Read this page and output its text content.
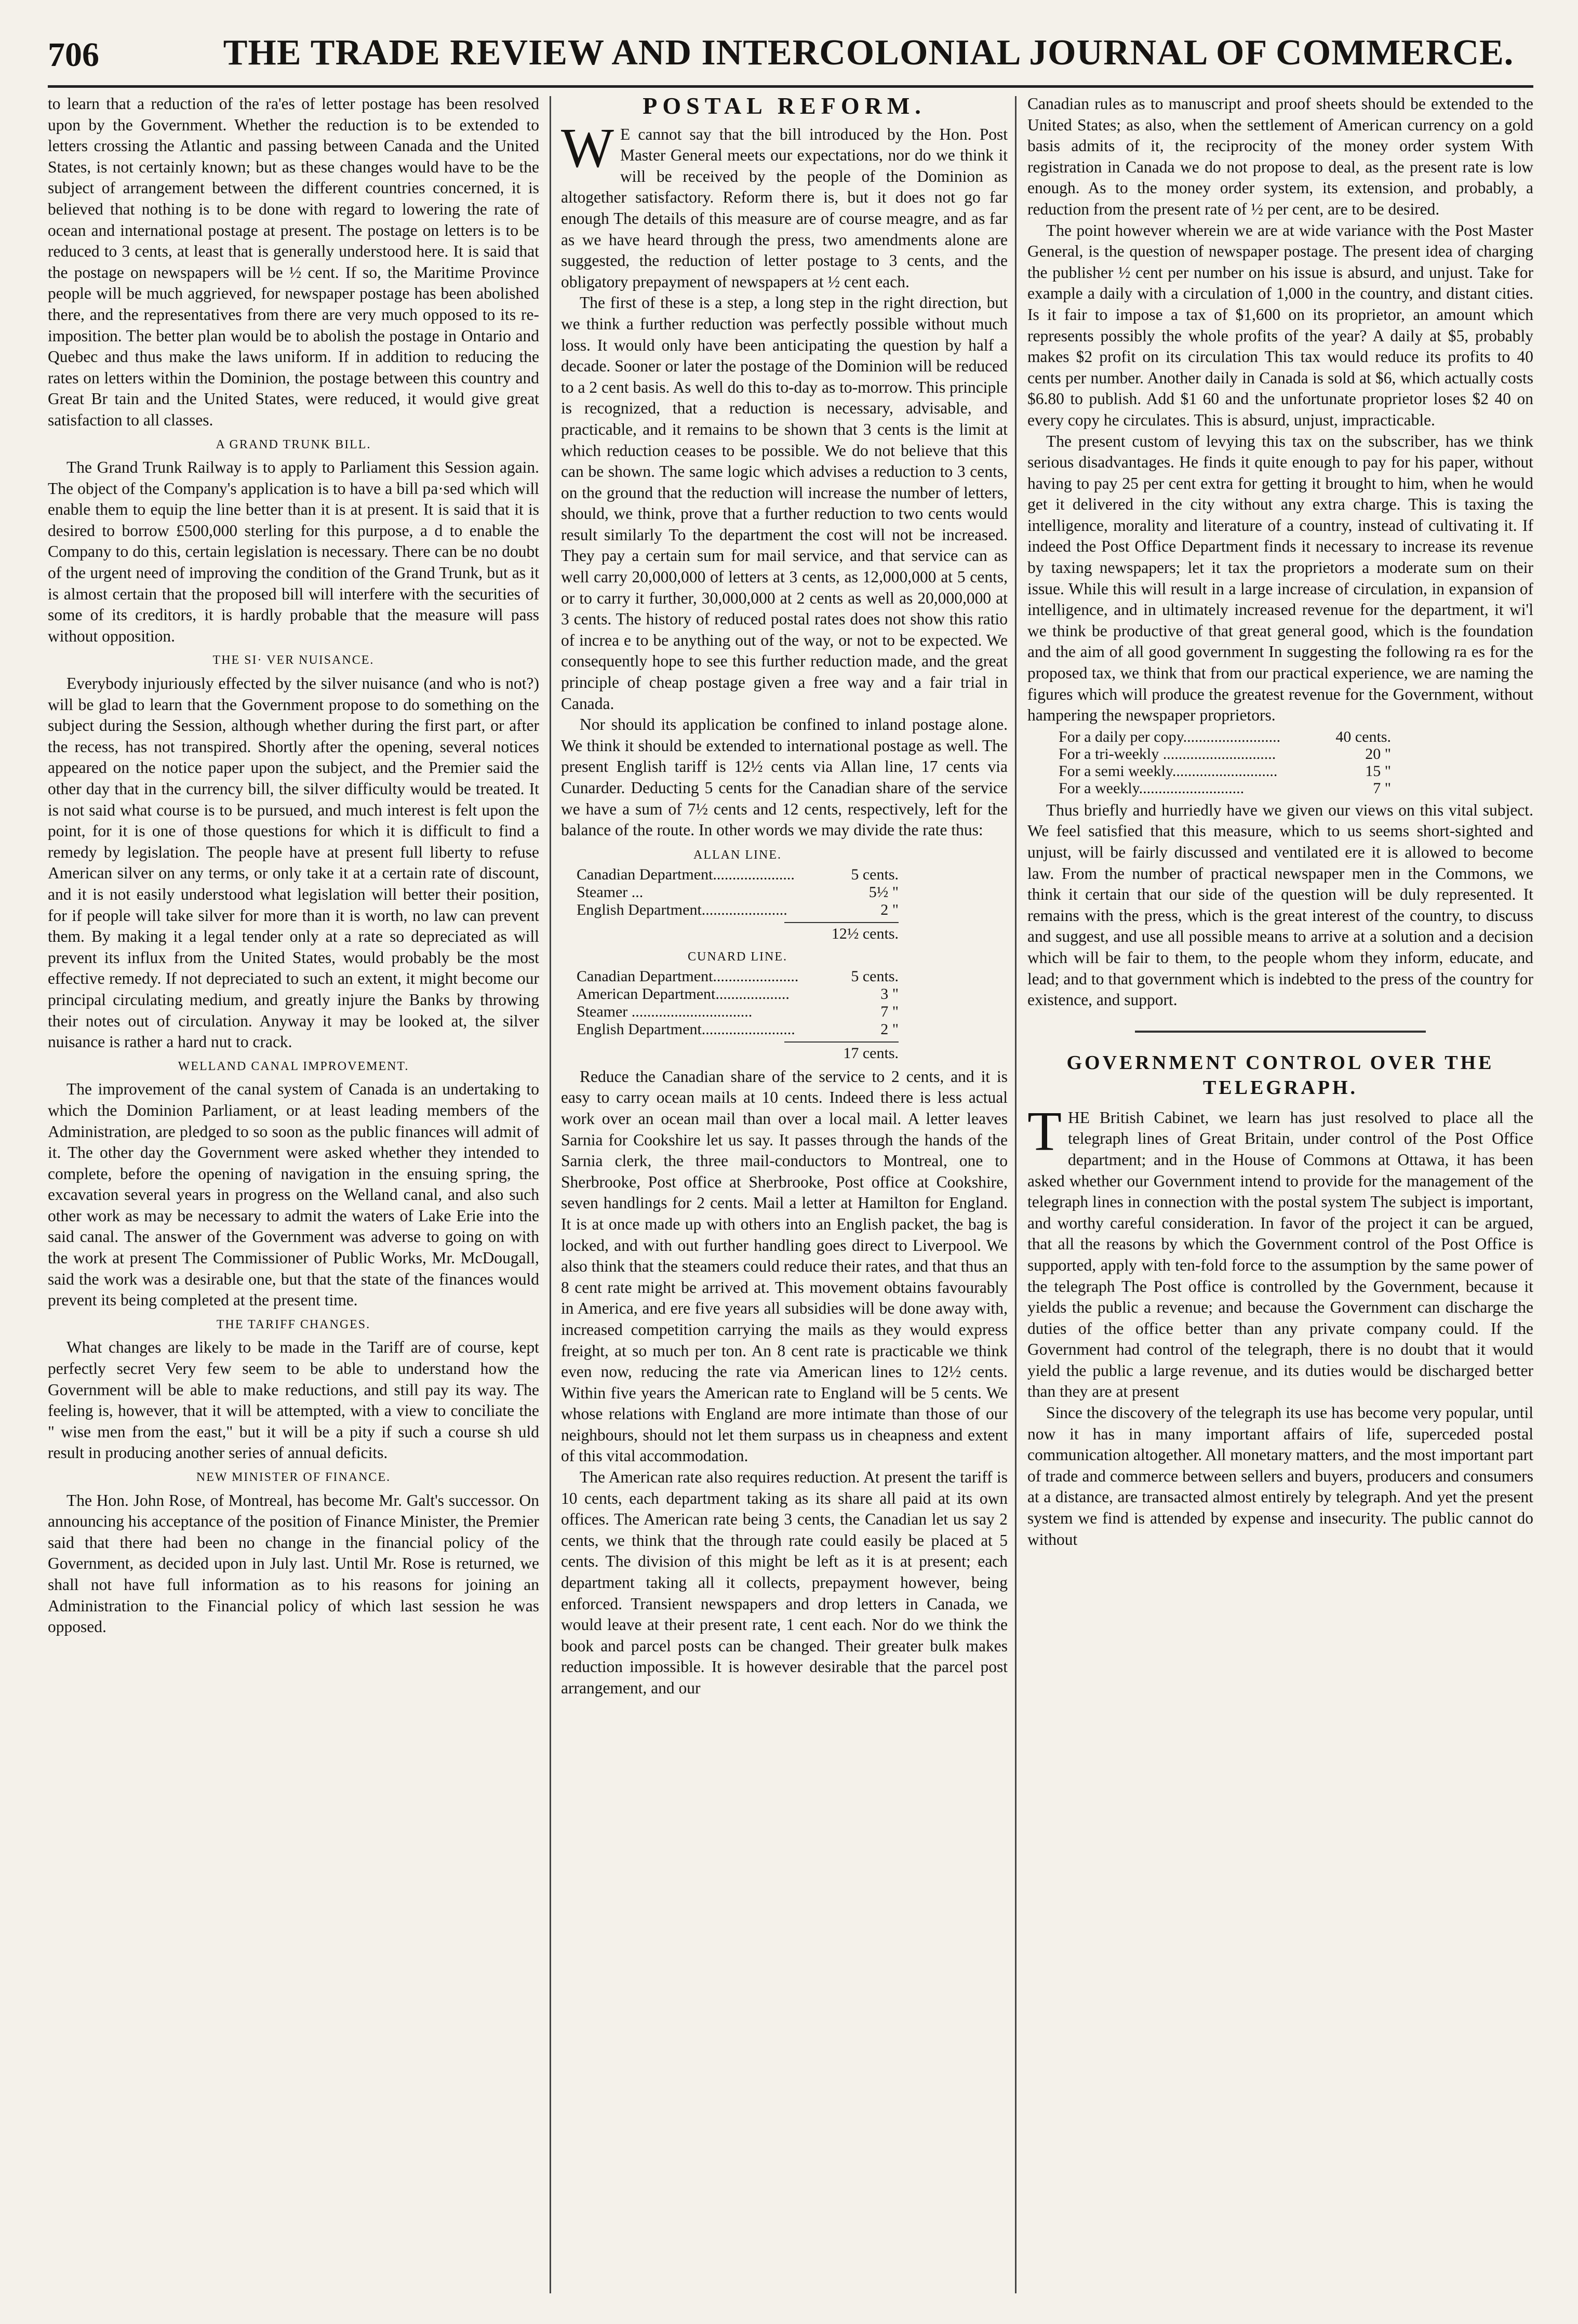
706	THE TRADE REVIEW AND INTERCOLONIAL JOURNAL OF COMMERCE.

to learn that a reduction of the ra'es of letter postage has been resolved upon by the Government. Whether the reduction is to be extended to letters crossing the Atlantic and passing between Canada and the United States, is not certainly known; but as these changes would have to be the subject of arrangement between the different countries concerned, it is believed that nothing is to be done with regard to lowering the rate of ocean and international postage at present. The postage on letters is to be reduced to 3 cents, at least that is generally understood here. It is said that the postage on newspapers will be ½ cent. If so, the Maritime Province people will be much aggrieved, for newspaper postage has been abolished there, and the representatives from there are very much opposed to its re-imposition. The better plan would be to abolish the postage in Ontario and Quebec and thus make the laws uniform. If in addition to reducing the rates on letters within the Dominion, the postage between this country and Great Br tain and the United States, were reduced, it would give great satisfaction to all classes.

A GRAND TRUNK BILL.

The Grand Trunk Railway is to apply to Parliament this Session again. The object of the Company's application is to have a bill pa·sed which will enable them to equip the line better than it is at present. It is said that it is desired to borrow £500,000 sterling for this purpose, a d to enable the Company to do this, certain legislation is necessary. There can be no doubt of the urgent need of improving the condition of the Grand Trunk, but as it is almost certain that the proposed bill will interfere with the securities of some of its creditors, it is hardly probable that the measure will pass without opposition.

THE SI· VER NUISANCE.

Everybody injuriously effected by the silver nuisance (and who is not?) will be glad to learn that the Government propose to do something on the subject during the Session, although whether during the first part, or after the recess, has not transpired. Shortly after the opening, several notices appeared on the notice paper upon the subject, and the Premier said the other day that in the currency bill, the silver difficulty would be treated. It is not said what course is to be pursued, and much interest is felt upon the point, for it is one of those questions for which it is difficult to find a remedy by legislation. The people have at present full liberty to refuse American silver on any terms, or only take it at a certain rate of discount, and it is not easily understood what legislation will better their position, for if people will take silver for more than it is worth, no law can prevent them. By making it a legal tender only at a rate so depreciated as will prevent its influx from the United States, would probably be the most effective remedy. If not depreciated to such an extent, it might become our principal circulating medium, and greatly injure the Banks by throwing their notes out of circulation. Anyway it may be looked at, the silver nuisance is rather a hard nut to crack.

WELLAND CANAL IMPROVEMENT.

The improvement of the canal system of Canada is an undertaking to which the Dominion Parliament, or at least leading members of the Administration, are pledged to so soon as the public finances will admit of it. The other day the Government were asked whether they intended to complete, before the opening of navigation in the ensuing spring, the excavation several years in progress on the Welland canal, and also such other work as may be necessary to admit the waters of Lake Erie into the said canal. The answer of the Government was adverse to going on with the work at present The Commissioner of Public Works, Mr. McDougall, said the work was a desirable one, but that the state of the finances would prevent its being completed at the present time.

THE TARIFF CHANGES.

What changes are likely to be made in the Tariff are of course, kept perfectly secret Very few seem to be able to understand how the Government will be able to make reductions, and still pay its way. The feeling is, however, that it will be attempted, with a view to conciliate the " wise men from the east," but it will be a pity if such a course sh uld result in producing another series of annual deficits.

NEW MINISTER OF FINANCE.

The Hon. John Rose, of Montreal, has become Mr. Galt's successor. On announcing his acceptance of the position of Finance Minister, the Premier said that there had been no change in the financial policy of the Government, as decided upon in July last. Until Mr. Rose is returned, we shall not have full information as to his reasons for joining an Administration to the Financial policy of which last session he was opposed.

POSTAL REFORM.

W E cannot say that the bill introduced by the Hon. Post Master General meets our expectations, nor do we think it will be received by the people of the Dominion as altogether satisfactory. Reform there is, but it does not go far enough The details of this measure are of course meagre, and as far as we have heard through the press, two amendments alone are suggested, the reduction of letter postage to 3 cents, and the obligatory prepayment of newspapers at ½ cent each.

The first of these is a step, a long step in the right direction, but we think a further reduction was perfectly possible without much loss. It would only have been anticipating the question by half a decade. Sooner or later the postage of the Dominion will be reduced to a 2 cent basis. As well do this to-day as to-morrow. This principle is recognized, that a reduction is necessary, advisable, and practicable, and it remains to be shown that 3 cents is the limit at which reduction ceases to be possible. We do not believe that this can be shown. The same logic which advises a reduction to 3 cents, on the ground that the reduction will increase the number of letters, should, we think, prove that a further reduction to two cents would result similarly To the department the cost will not be increased. They pay a certain sum for mail service, and that service can as well carry 20,000,000 of letters at 3 cents, as 12,000,000 at 5 cents, or to carry it further, 30,000,000 at 2 cents as well as 20,000,000 at 3 cents. The history of reduced postal rates does not show this ratio of increa e to be anything out of the way, or not to be expected. We consequently hope to see this further reduction made, and the great principle of cheap postage given a free way and a fair trial in Canada.

Nor should its application be confined to inland postage alone. We think it should be extended to international postage as well. The present English tariff is 12½ cents via Allan line, 17 cents via Cunarder. Deducting 5 cents for the Canadian share of the service we have a sum of 7½ cents and 12 cents, respectively, left for the balance of the route. In other words we may divide the rate thus:

ALLAN LINE.
Canadian Department.....................	5 cents.
Steamer ...	5½ "
English Department......................	2 "
12½ cents.
CUNARD LINE.
Canadian Department......................	5 cents.
American Department...................	3 "
Steamer ...............................	7 "
English Department........................	2 "
17 cents.

Reduce the Canadian share of the service to 2 cents, and it is easy to carry ocean mails at 10 cents. Indeed there is less actual work over an ocean mail than over a local mail. A letter leaves Sarnia for Cookshire let us say. It passes through the hands of the Sarnia clerk, the three mail-conductors to Montreal, one to Sherbrooke, Post office at Sherbrooke, Post office at Cookshire, seven handlings for 2 cents. Mail a letter at Hamilton for England. It is at once made up with others into an English packet, the bag is locked, and with out further handling goes direct to Liverpool. We also think that the steamers could reduce their rates, and that thus an 8 cent rate might be arrived at. This movement obtains favourably in America, and ere five years all subsidies will be done away with, increased competition carrying the mails as they would express freight, at so much per ton. An 8 cent rate is practicable we think even now, reducing the rate via American lines to 12½ cents. Within five years the American rate to England will be 5 cents. We whose relations with England are more intimate than those of our neighbours, should not let them surpass us in cheapness and extent of this vital accommodation.

The American rate also requires reduction. At present the tariff is 10 cents, each department taking as its share all paid at its own offices. The American rate being 3 cents, the Canadian let us say 2 cents, we think that the through rate could easily be placed at 5 cents. The division of this might be left as it is at present; each department taking all it collects, prepayment however, being enforced. Transient newspapers and drop letters in Canada, we would leave at their present rate, 1 cent each. Nor do we think the book and parcel posts can be changed. Their greater bulk makes reduction impossible. It is however desirable that the parcel post arrangement, and our

Canadian rules as to manuscript and proof sheets should be extended to the United States; as also, when the settlement of American currency on a gold basis admits of it, the reciprocity of the money order system With registration in Canada we do not propose to deal, as the present rate is low enough. As to the money order system, its extension, and probably, a reduction from the present rate of ½ per cent, are to be desired.

The point however wherein we are at wide variance with the Post Master General, is the question of newspaper postage. The present idea of charging the publisher ½ cent per number on his issue is absurd, and unjust. Take for example a daily with a circulation of 1,000 in the country, and distant cities. Is it fair to impose a tax of $1,600 on its proprietor, an amount which represents possibly the whole profits of the year? A daily at $5, probably makes $2 profit on its circulation This tax would reduce its profits to 40 cents per number. Another daily in Canada is sold at $6, which actually costs $6.80 to publish. Add $1 60 and the unfortunate proprietor loses $2 40 on every copy he circulates. This is absurd, unjust, impracticable.

The present custom of levying this tax on the subscriber, has we think serious disadvantages. He finds it quite enough to pay for his paper, without having to pay 25 per cent extra for getting it brought to him, when he would get it delivered in the city without any extra charge. This is taxing the intelligence, morality and literature of a country, instead of cultivating it. If indeed the Post Office Department finds it necessary to increase its revenue by taxing newspapers; let it tax the proprietors a moderate sum on their issue. While this will result in a large increase of circulation, in expansion of intelligence, and in ultimately increased revenue for the department, it wi'l we think be productive of that great general good, which is the foundation and the aim of all good government In suggesting the following ra es for the proposed tax, we think that from our practical experience, we are naming the figures which will produce the greatest revenue for the Government, without hampering the newspaper proprietors.

For a daily per copy.........................	40 cents.
For a tri-weekly .............................	20 "
For a semi weekly...........................	15 "
For a weekly...........................	7 "

Thus briefly and hurriedly have we given our views on this vital subject. We feel satisfied that this measure, which to us seems short-sighted and unjust, will be fairly discussed and ventilated ere it is allowed to become law. From the number of practical newspaper men in the Commons, we think it certain that our side of the question will be duly represented. It remains with the press, which is the great interest of the country, to discuss and suggest, and use all possible means to arrive at a solution and a decision which will be fair to them, to the people whom they inform, educate, and lead; and to that government which is indebted to the press of the country for existence, and support.

GOVERNMENT CONTROL OVER THE TELEGRAPH.

THE British Cabinet, we learn has just resolved to place all the telegraph lines of Great Britain, under control of the Post Office department; and in the House of Commons at Ottawa, it has been asked whether our Government intend to provide for the management of the telegraph lines in connection with the postal system The subject is important, and worthy careful consideration. In favor of the project it can be argued, that all the reasons by which the Government control of the Post Office is supported, apply with ten-fold force to the assumption by the same power of the telegraph The Post office is controlled by the Government, because it yields the public a revenue; and because the Government can discharge the duties of the office better than any private company could. If the Government had control of the telegraph, there is no doubt that it would yield the public a large revenue, and its duties would be discharged better than they are at present

Since the discovery of the telegraph its use has become very popular, until now it has in many important affairs of life, superceded postal communication altogether. All monetary matters, and the most important part of trade and commerce between sellers and buyers, producers and consumers at a distance, are transacted almost entirely by telegraph. And yet the present system we find is attended by expense and insecurity. The public cannot do without
